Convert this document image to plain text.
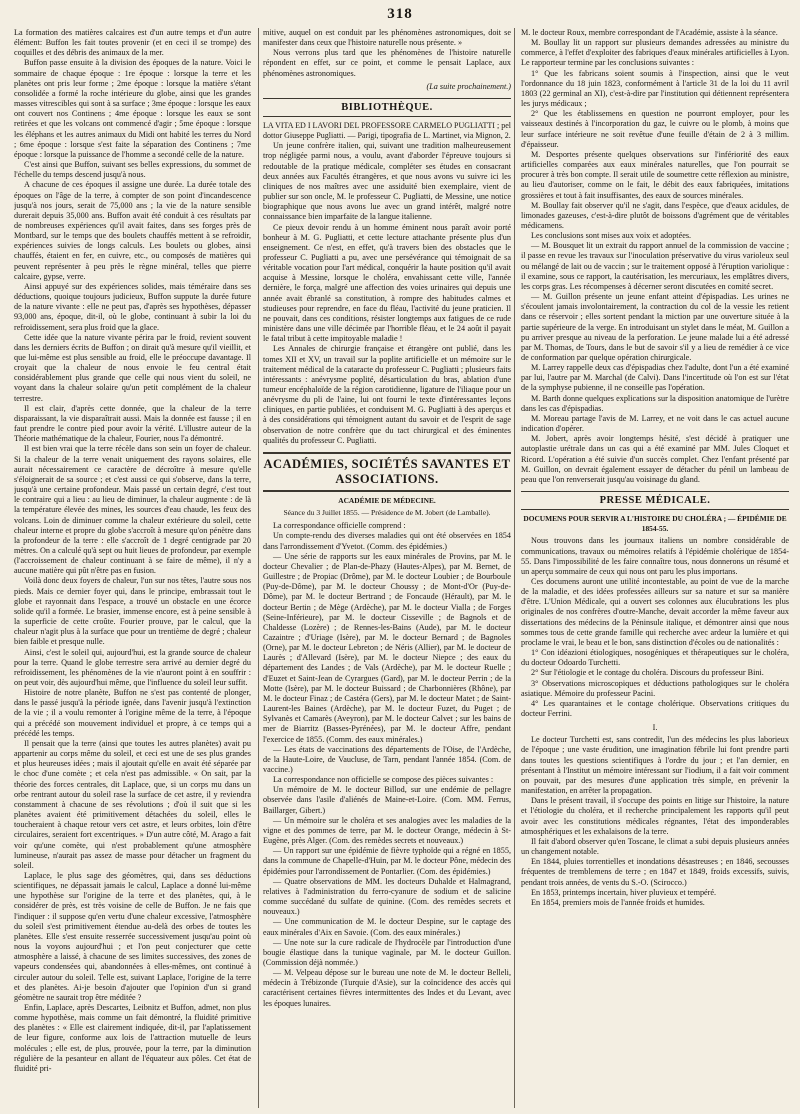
318

La formation des matières calcaires est d'un autre temps et d'un autre élément: Buffon les fait toutes provenir (et en ceci il se trompe) des coquilles et des débris des animaux de la mer.

Buffon passe ensuite à la division des époques de la nature. Voici le sommaire de chaque époque : 1re époque : lorsque la terre et les planètes ont pris leur forme ; 2me époque : lorsque la matière s'étant consolidée a formé la roche intérieure du globe, ainsi que les grandes masses vitrescibles qui sont à sa surface ; 3me époque : lorsque les eaux ont couvert nos Continens ; 4me époque : lorsque les eaux se sont retirées et que les volcans ont commencé d'agir ; 5me époque : lorsque les éléphans et les autres animaux du Midi ont habité les terres du Nord ; 6me époque : lorsque s'est faite la séparation des Continens ; 7me époque : lorsque la puissance de l'homme a secondé celle de la nature.

C'est ainsi que Buffon, suivant ses belles expressions, du sommet de l'échelle du temps descend jusqu'à nous.

A chacune de ces époques il assigne une durée. La durée totale des époques on l'âge de la terre, à compter de son point d'incandescence jusqu'à nos jours, serait de 75,000 ans ; la vie de la nature sensible durerait depuis 35,000 ans. Buffon avait été conduit à ces résultats par de nombreuses expériences qu'il avait faites, dans ses forges près de Montbard, sur le temps que des boulets chauffés mettent à se refroidir, expériences suivies de longs calculs. Les boulets ou globes, ainsi chauffés, étaient en fer, en cuivre, etc., ou composés de matières qui peuvent représenter à peu près le règne minéral, telles que pierre calcaire, gypse, verre.

Ainsi appuyé sur des expériences solides, mais téméraire dans ses déductions, quoique toujours judicieux, Buffon suppute la durée future de la nature vivante : elle ne peut pas, d'après ses hypothèses, dépasser 93,000 ans, époque, dit-il, où le globe, continuant à subir la loi du refroidissement, sera plus froid que la glace.

Cette idée que la nature vivante périra par le froid, revient souvent dans les derniers écrits de Buffon ; on dirait qu'à mesure qu'il vieillit, et que lui-même est plus sensible au froid, elle le préoccupe davantage. Il croyait que la chaleur de nous envoie le feu central était considérablement plus grande que celle qui nous vient du soleil, ne voyant dans la chaleur solaire qu'un petit complément de la chaleur terrestre.

Il est clair, d'après cette donnée, que la chaleur de la terre disparaissant, la vie disparaîtrait aussi. Mais la donnée est fausse ; il en faut prendre le contre pied pour avoir la vérité. L'illustre auteur de la Théorie mathématique de la chaleur, Fourier, nous l'a démontré.

Il est bien vrai que la terre récèle dans son sein un foyer de chaleur. Si la chaleur de la terre venait uniquement des rayons solaires, elle aurait nécessairement ce caractère de décroître à mesure qu'elle s'éloignerait de sa source ; et c'est aussi ce qui s'observe, dans la terre, jusqu'à une certaine profondeur. Mais passé un certain degré, c'est tout le contraire qui a lieu : au lieu de diminuer, la chaleur augmente : de là la température élevée des mines, les sources d'eau chaude, les feux des volcans. Loin de diminuer comme la chaleur extérieure du soleil, cette chaleur interne et propre du globe s'accroît à mesure qu'on pénètre dans la profondeur de la terre : elle s'accroît de 1 degré centigrade par 20 mètres. On a calculé qu'à sept ou huit lieues de profondeur, par exemple (l'accroissement de chaleur continuant à se faire de même), il n'y a aucune matière qui pût n'être pas en fusion.

Voilà donc deux foyers de chaleur, l'un sur nos têtes, l'autre sous nos pieds. Mais ce dernier foyer qui, dans le principe, embrassait tout le globe et rayonnait dans l'espace, a trouvé un obstacle en une écorce solide qu'il a formée. Le brasier, immense encore, est à peine sensible à la superficie de cette croûte. Fourier prouve, par le calcul, que la chaleur n'agit plus à la surface que pour un trentième de degré ; chaleur bien faible et presque nulle.

Ainsi, c'est le soleil qui, aujourd'hui, est la grande source de chaleur pour la terre. Quand le globe terrestre sera arrivé au dernier degré du refroidissement, les phénomènes de la vie n'auront point à en souffrir : on peut voir, dès aujourd'hui même, que l'influence du soleil leur suffit.

Histoire de notre planète, Buffon ne s'est pas contenté de plonger, dans le passé jusqu'à la période ignée, dans l'avenir jusqu'à l'extinction de la vie ; il a voulu remonter à l'origine même de la terre, à l'époque qui a précédé son mouvement individuel et propre, à ce temps qui a précédé les temps.

Il pensait que la terre (ainsi que toutes les autres planètes) avait pu appartenir au corps même du soleil, et ceci est une de ses plus grandes et plus heureuses idées ; mais il ajoutait qu'elle en avait été séparée par le choc d'une comète ; et cela n'est pas admissible. « On sait, par la théorie des forces centrales, dit Laplace, que, si un corps mu dans un orbe rentrant autour du soleil rase la surface de cet astre, il y reviendra constamment à chacune de ses révolutions ; d'où il suit que si les planètes avaient été primitivement détachées du soleil, elles le toucheraient à chaque retour vers cet astre, et leurs orbites, loin d'être circulaires, seraient fort excentriques. » D'un autre côté, M. Arago a fait voir qu'une comète, qui n'est probablement qu'une atmosphère lumineuse, n'aurait pas assez de masse pour détacher un fragment du soleil.

Laplace, le plus sage des géomètres, qui, dans ses déductions scientifiques, ne dépassait jamais le calcul, Laplace a donné lui-même une hypothèse sur l'origine de la terre et des planètes, qui, à le considérer de près, est très voisine de celle de Buffon. Je ne fais que l'indiquer : il suppose qu'en vertu d'une chaleur excessive, l'atmosphère du soleil s'est primitivement étendue au-delà des orbes de toutes les planètes. Elle s'est ensuite resserrée successivement jusqu'au point où nous la voyons aujourd'hui ; et l'on peut conjecturer que cette atmosphère a laissé, à chacune de ses limites successives, des zones de vapeurs condensées qui, abandonnées à elles-mêmes, ont continué à circuler autour du soleil. Telle est, suivant Laplace, l'origine de la terre et des planètes. Ai-je besoin d'ajouter que l'opinion d'un si grand géomètre ne saurait trop être méditée ?

Enfin, Laplace, après Descartes, Leibnitz et Buffon, admet, non plus comme hypothèse, mais comme un fait démontré, la fluidité primitive des planètes : « Elle est clairement indiquée, dit-il, par l'aplatissement de leur figure, conforme aux lois de l'attraction mutuelle de leurs molécules ; elle est, de plus, prouvée, pour la terre, par la diminution régulière de la pesanteur en allant de l'équateur aux pôles. Cet état de fluidité pri-

mitive, auquel on est conduit par les phénomènes astronomiques, doit se manifester dans ceux que l'histoire naturelle nous présente. »

Nous verrons plus tard que les phénomènes de l'histoire naturelle répondent en effet, sur ce point, et comme le pensait Laplace, aux phénomènes astronomiques.

(La suite prochainement.)
BIBLIOTHÈQUE.

LA VITA ED I LAVORI DEL PROFESSORE CARMELO PUGLIATTI ; pel dottor Giuseppe Pugliatti. — Parigi, tipografia de L. Martinet, via Mignon, 2.

Un jeune confrère italien, qui, suivant une tradition malheureusement trop négligée parmi nous, a voulu, avant d'aborder l'épreuve toujours si redoutable de la pratique médicale, compléter ses études en consacrant deux années aux Facultés étrangères, et que nous avons vu suivre ici les cliniques de nos maîtres avec une assiduité bien exemplaire, vient de publier sur son oncle, M. le professeur C. Pugliatti, de Messine, une notice biographique que nous avons lue avec un grand intérêt, malgré notre connaissance bien imparfaite de la langue italienne.

Ce pieux devoir rendu à un homme éminent nous paraît avoir porté bonheur à M. G. Pugliatti, et cette lecture attachante présente plus d'un enseignement. Ce n'est, en effet, qu'à travers bien des obstacles que le professeur C. Pugliatti a pu, avec une persévérance qui témoignait de sa véritable vocation pour l'art médical, conquérir la haute position qu'il avait acquise à Messine, lorsque le choléra, envahissant cette ville, l'année dernière, le força, malgré une affection des voies urinaires qui depuis une année avait ébranlé sa constitution, à rompre des habitudes calmes et studieuses pour reprendre, en face du fléau, l'activité du jeune praticien. Il ne pouvait, dans ces conditions, résister longtemps aux fatigues de ce rude ministère dans une ville décimée par l'horrible fléau, et le 24 août il payait le fatal tribut à cette impitoyable maladie !

Les Annales de chirurgie française et étrangère ont publié, dans les tomes XII et XV, un travail sur la poplite artificielle et un mémoire sur le traitement médical de la cataracte du professeur C. Pugliatti ; plusieurs faits intéressants : anévrysme poplité, désarticulation du bras, ablation d'une tumeur encéphaloïde de la région carotidienne, ligature de l'iliaque pour un anévrysme du pli de l'aine, lui ont fourni le texte d'intéressantes leçons cliniques, en partie publiées, et conduisent M. G. Pugliatti à des aperçus et à des considérations qui témoignent autant du savoir et de l'esprit de sage observation de notre confrère que du tact chirurgical et des éminentes qualités du professeur C. Pugliatti.

ACADÉMIES, SOCIÉTÉS SAVANTES ET ASSOCIATIONS.
ACADÉMIE DE MÉDECINE.
Séance du 3 Juillet 1855. — Présidence de M. Jobert (de Lamballe).

La correspondance officielle comprend :

Un compte-rendu des diverses maladies qui ont été observées en 1854 dans l'arrondissement d'Yvetot. (Comm. des épidémies.)

— Une série de rapports sur les eaux minérales de Provins, par M. le docteur Chevalier ; de Plan-de-Phazy (Hautes-Alpes), par M. Bernet, de Guillestre ; de Propiac (Drôme), par M. le docteur Loubier ; de Bourboule (Puy-de-Dôme), par M. le docteur Choussy ; de Mont-d'Or (Puy-de-Dôme), par M. le docteur Bertrand ; de Foncaude (Hérault), par M. le docteur Bertin ; de Mège (Ardèche), par M. le docteur Vialla ; de Forges (Seine-Inférieure), par M. le docteur Cisseville ; de Bagnols et de Chaldesse (Lozère) ; de Rennes-les-Bains (Aude), par M. le docteur Cazaintre ; d'Uriage (Isère), par M. le docteur Bernard ; de Bagnoles (Orne), par M. le docteur Lebreton ; de Néris (Allier), par M. le docteur de Laurès ; d'Allevard (Isère), par M. le docteur Niepce ; des eaux du département des Landes ; de Vals (Ardèche), par M. le docteur Ruelle ; d'Euzet et Saint-Jean de Cyrargues (Gard), par M. le docteur Perrin ; de la Motte (Isère), par M. le docteur Buissard ; de Charbonnières (Rhône), par M. le docteur Finaz ; de Castéra (Gers), par M. le docteur Matet ; de Saint-Laurent-les Baines (Ardèche), par M. le docteur Fuzet, du Puget ; de Sylvanès et Camarès (Aveyron), par M. le docteur Calvet ; sur les bains de mer de Biarritz (Basses-Pyrénées), par M. le docteur Affre, pendant l'exercice de 1855. (Comm. des eaux minérales.)

— Les états de vaccinations des départements de l'Oise, de l'Ardèche, de la Haute-Loire, de Vaucluse, de Tarn, pendant l'année 1854. (Com. de vaccine.)

La correspondance non officielle se compose des pièces suivantes :

Un mémoire de M. le docteur Billod, sur une endémie de pellagre observée dans l'asile d'aliénés de Maine-et-Loire. (Com. MM. Ferrus, Baillarger, Gibert.)

— Un mémoire sur le choléra et ses analogies avec les maladies de la vigne et des pommes de terre, par M. le docteur Orange, médecin à St-Eugène, près Alger. (Com. des remèdes secrets et nouveaux.)

— Un rapport sur une épidémie de fièvre typhoïde qui a régné en 1855, dans la commune de Chapelle-d'Huin, par M. le docteur Pône, médecin des épidémies pour l'arrondissement de Pontarlier. (Com. des épidémies.)

— Quatre observations de MM. les docteurs Duhalde et Halmagrand, relatives à l'administration du ferro-cyanure de sodium et de salicine comme succédané du sulfate de quinine. (Com. des remèdes secrets et nouveaux.)

— Une communication de M. le docteur Despine, sur le captage des eaux minérales d'Aix en Savoie. (Com. des eaux minérales.)

— Une note sur la cure radicale de l'hydrocèle par l'introduction d'une bougie élastique dans la tunique vaginale, par M. le docteur Guillon. (Commission déjà nommée.)

— M. Velpeau dépose sur le bureau une note de M. le docteur Belleli, médecin à Trébizonde (Turquie d'Asie), sur la coïncidence des accès qui caractérisent certaines fièvres intermittentes des Indes et du Levant, avec les époques lunaires.

M. le docteur Roux, membre correspondant de l'Académie, assiste à la séance.

M. Boullay lit un rapport sur plusieurs demandes adressées au ministre du commerce, à l'effet d'exploiter des fabriques d'eaux minérales artificielles à Lyon. Le rapporteur termine par les conclusions suivantes :

1° Que les fabricans soient soumis à l'inspection, ainsi que le veut l'ordonnance du 18 juin 1823, conformément à l'article 31 de la loi du 11 avril 1803 (22 germinal an XI), c'est-à-dire par l'institution qui détiennent représentera les jurys médicaux ;

2° Que les établissemens en question ne pourront employer, pour les vaisseaux destinés à l'incorporation du gaz, le cuivre ou le plomb, à moins que leur surface intérieure ne soit revêtue d'une feuille d'étain de 2 à 3 millim. d'épaisseur.

M. Desportes présente quelques observations sur l'infériorité des eaux artificielles comparées aux eaux minérales naturelles, que l'on pourrait se procurer à très bon compte. Il serait utile de soumettre cette réflexion au ministre, au lieu d'autoriser, comme on le fait, le débit des eaux fabriquées, imitations grossières et tout à fait insuffisantes, des eaux de sources minérales.

M. Boullay fait observer qu'il ne s'agit, dans l'espèce, que d'eaux acidules, de limonades gazeuses, c'est-à-dire plutôt de boissons d'agrément que de véritables médicamens.

Les conclusions sont mises aux voix et adoptées.

— M. Bousquet lit un extrait du rapport annuel de la commission de vaccine ; il passe en revue les travaux sur l'inoculation préservative du virus varioleux seul ou mélangé de lait ou de vaccin ; sur le traitement opposé à l'éruption variolique : il examine, sous ce rapport, la cautérisation, les mercuriaux, les emplâtres divers, les corps gras. Les récompenses à décerner seront discutées en comité secret.

— M. Guillon présente un jeune enfant atteint d'épispadias. Les urines ne s'écoulent jamais involontairement, la contraction du col de la vessie les retient dans ce réservoir ; elles sortent pendant la miction par une ouverture située à la partie supérieure de la verge. En introduisant un stylet dans le méat, M. Guillon a pu arriver presque au niveau de la perforation. Le jeune malade lui a été adressé par M. Thomas, de Tours, dans le but de savoir s'il y a lieu de remédier à ce vice de conformation par quelque opération chirurgicale.

M. Larrey rappelle deux cas d'épispadias chez l'adulte, dont l'un a été examiné par lui, l'autre par M. Marchal (de Calvi). Dans l'incertitude où l'on est sur l'état de la symphyse pubienne, il ne conseille pas l'opération.

M. Barth donne quelques explications sur la disposition anatomique de l'urètre dans les cas d'épispadias.

M. Moreau partage l'avis de M. Larrey, et ne voit dans le cas actuel aucune indication d'opérer.

M. Jobert, après avoir longtemps hésité, s'est décidé à pratiquer une autoplastie urétrale dans un cas qui a été examiné par MM. Jules Cloquet et Ricord. L'opération a été suivie d'un succès complet. Chez l'enfant présenté par M. Guillon, on devrait également essayer de détacher du pénil un lambeau de peau que l'on renverserait jusqu'au voisinage du gland.

PRESSE MÉDICALE.
DOCUMENS POUR SERVIR A L'HISTOIRE DU CHOLÉRA ; — ÉPIDÉMIE DE 1854-55.

Nous trouvons dans les journaux italiens un nombre considérable de communications, travaux ou mémoires relatifs à l'épidémie cholérique de 1854-55. Dans l'impossibilité de les faire connaître tous, nous donnerons un résumé et un aperçu sommaire de ceux qui nous ont paru les plus importans.

Ces documens auront une utilité incontestable, au point de vue de la marche de la maladie, et des idées professées ailleurs sur sa nature et sur sa manière d'être. L'Union Médicale, qui a ouvert ses colonnes aux élucubrations les plus originales de nos confrères d'outre-Manche, devait accorder la même faveur aux dissertations des médecins de la Péninsule italique, et démontrer ainsi que nous sommes tous de cette grande famille qui recherche avec ardeur la lumière et qui proclame le vrai, le beau et le bon, sans distinction d'écoles ou de nationalités :

1° Con idéazioni étiologiques, nosogéniques et thérapeutiques sur le choléra, du docteur Odoardo Turchetti.

2° Sur l'étiologie et le contage du choléra. Discours du professeur Bini.

3° Observations microscopiques et déductions pathologiques sur le choléra asiatique. Mémoire du professeur Pacini.

4° Les quarantaines et le contage cholérique. Observations critiques du docteur Ferrini.

I.

Le docteur Turchetti est, sans contredit, l'un des médecins les plus laborieux de l'époque ; une vaste érudition, une imagination fébrile lui font prendre parti dans toutes les questions scientifiques à l'ordre du jour ; et l'an dernier, en présentant à l'Institut un mémoire intéressant sur l'iodium, il a fait voir comment on pouvait, par des mesures d'une application très simple, en prévenir la manifestation, en arrêter la propagation.

Dans le présent travail, il s'occupe des points en litige sur l'histoire, la nature et l'étiologie du choléra, et il recherche principalement les rapports qu'il peut avoir avec les constitutions médicales régnantes, l'état des imponderables atmosphériques et les exhalaisons de la terre.

Il fait d'abord observer qu'en Toscane, le climat a subi depuis plusieurs années un changement notable.

En 1844, pluies torrentielles et inondations désastreuses ; en 1846, secousses fréquentes de tremblemens de terre ; en 1847 et 1849, froids excessifs, suivis, pendant trois années, de vents du S.-O. (Scirocco.)

En 1853, printemps incertain, hiver pluvieux et tempéré.

En 1854, premiers mois de l'année froids et humides.
